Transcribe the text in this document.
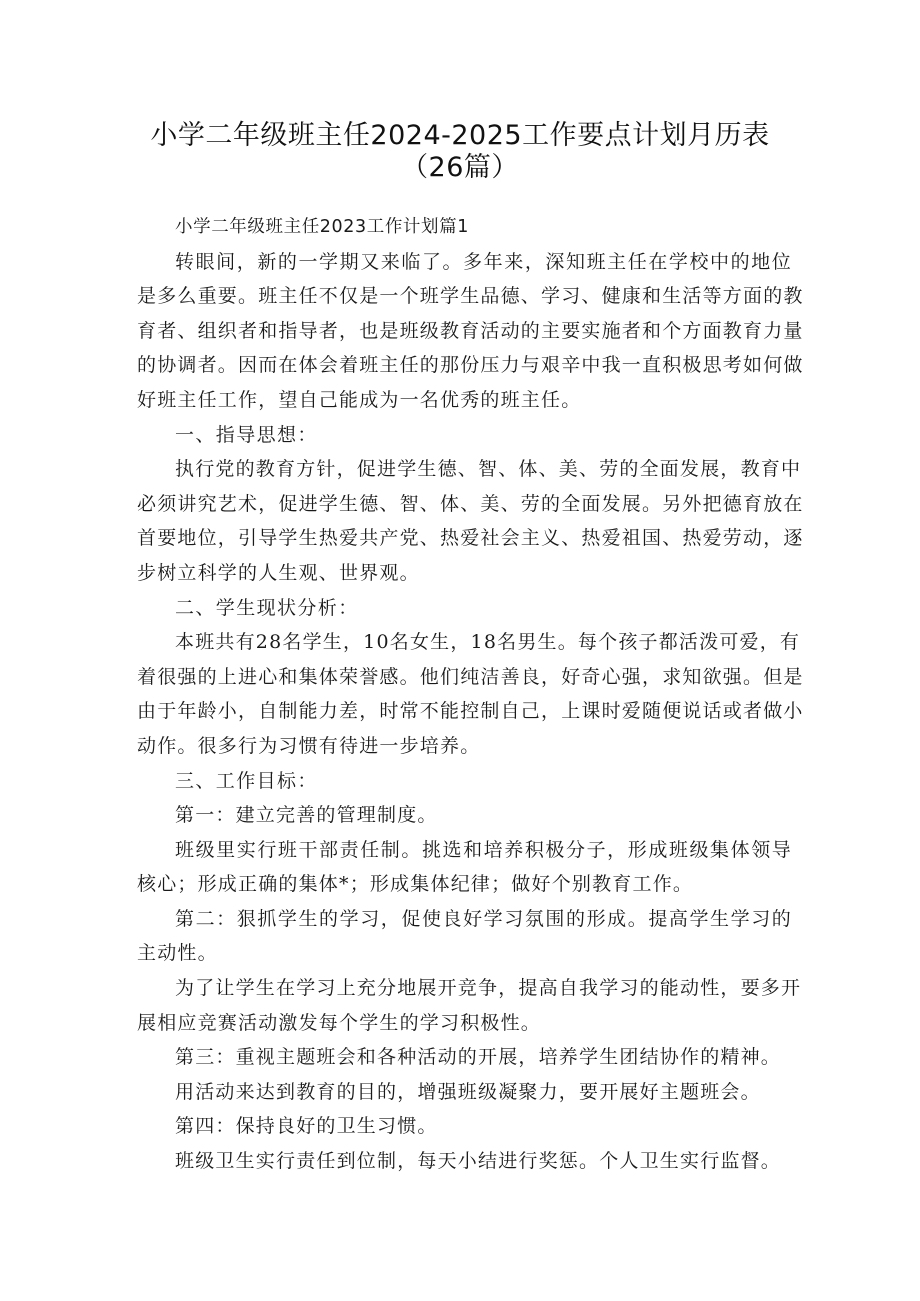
小学二年级班主任2024-2025工作要点计划月历表
（26篇）
小学二年级班主任2023工作计划篇1
转眼间，新的一学期又来临了。多年来，深知班主任在学校中的地位
是多么重要。班主任不仅是一个班学生品德、学习、健康和生活等方面的教
育者、组织者和指导者，也是班级教育活动的主要实施者和个方面教育力量
的协调者。因而在体会着班主任的那份压力与艰辛中我一直积极思考如何做
好班主任工作，望自己能成为一名优秀的班主任。
一、指导思想：
执行党的教育方针，促进学生德、智、体、美、劳的全面发展，教育中
必须讲究艺术，促进学生德、智、体、美、劳的全面发展。另外把德育放在
首要地位，引导学生热爱共产党、热爱社会主义、热爱祖国、热爱劳动，逐
步树立科学的人生观、世界观。
二、学生现状分析：
本班共有28名学生，10名女生，18名男生。每个孩子都活泼可爱，有
着很强的上进心和集体荣誉感。他们纯洁善良，好奇心强，求知欲强。但是
由于年龄小，自制能力差，时常不能控制自己，上课时爱随便说话或者做小
动作。很多行为习惯有待进一步培养。
三、工作目标：
第一：建立完善的管理制度。
班级里实行班干部责任制。挑选和培养积极分子，形成班级集体领导
核心；形成正确的集体*；形成集体纪律；做好个别教育工作。
第二：狠抓学生的学习，促使良好学习氛围的形成。提高学生学习的
主动性。
为了让学生在学习上充分地展开竞争，提高自我学习的能动性，要多开
展相应竞赛活动激发每个学生的学习积极性。
第三：重视主题班会和各种活动的开展，培养学生团结协作的精神。
用活动来达到教育的目的，增强班级凝聚力，要开展好主题班会。
第四：保持良好的卫生习惯。
班级卫生实行责任到位制，每天小结进行奖惩。个人卫生实行监督。
